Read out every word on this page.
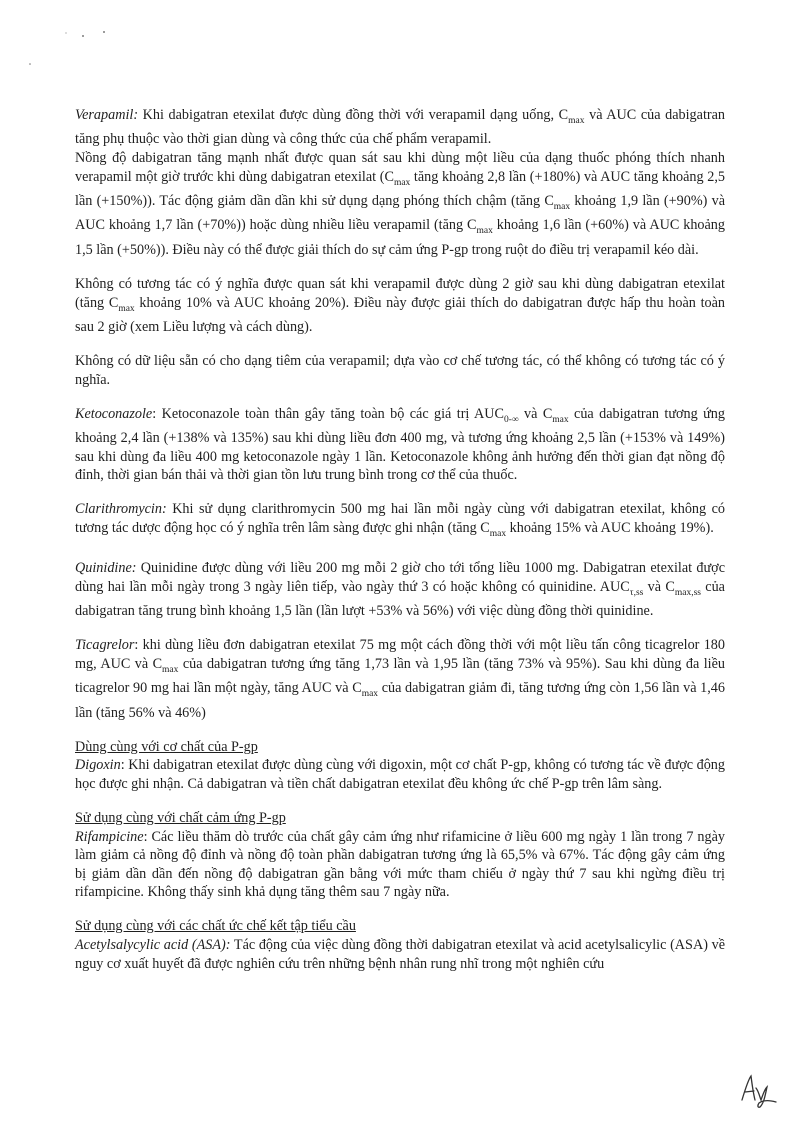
Verapamil: Khi dabigatran etexilat được dùng đồng thời với verapamil dạng uống, $C_{max}$ và AUC của dabigatran tăng phụ thuộc vào thời gian dùng và công thức của chế phẩm verapamil.
Nồng độ dabigatran tăng mạnh nhất được quan sát sau khi dùng một liều của dạng thuốc phóng thích nhanh verapamil một giờ trước khi dùng dabigatran etexilat ($C_{max}$ tăng khoảng 2,8 lần (+180%) và AUC tăng khoảng 2,5 lần (+150%)). Tác động giảm dần dần khi sử dụng dạng phóng thích chậm (tăng $C_{max}$ khoảng 1,9 lần (+90%) và AUC khoảng 1,7 lần (+70%)) hoặc dùng nhiều liều verapamil (tăng $C_{max}$ khoảng 1,6 lần (+60%) và AUC khoảng 1,5 lần (+50%)). Điều này có thể được giải thích do sự cảm ứng P-gp trong ruột do điều trị verapamil kéo dài.

Không có tương tác có ý nghĩa được quan sát khi verapamil được dùng 2 giờ sau khi dùng dabigatran etexilat (tăng $C_{max}$ khoảng 10% và AUC khoảng 20%). Điều này được giải thích do dabigatran được hấp thu hoàn toàn sau 2 giờ (xem Liều lượng và cách dùng).

Không có dữ liệu sẵn có cho dạng tiêm của verapamil; dựa vào cơ chế tương tác, có thể không có tương tác có ý nghĩa.

Ketoconazole: Ketoconazole toàn thân gây tăng toàn bộ các giá trị $AUC_{0-\infty}$ và $C_{max}$ của dabigatran tương ứng khoảng 2,4 lần (+138% và 135%) sau khi dùng liều đơn 400 mg, và tương ứng khoảng 2,5 lần (+153% và 149%) sau khi dùng đa liều 400 mg ketoconazole ngày 1 lần. Ketoconazole không ảnh hưởng đến thời gian đạt nồng độ đỉnh, thời gian bán thải và thời gian tồn lưu trung bình trong cơ thể của thuốc.

Clarithromycin: Khi sử dụng clarithromycin 500 mg hai lần mỗi ngày cùng với dabigatran etexilat, không có tương tác dược động học có ý nghĩa trên lâm sàng được ghi nhận (tăng $C_{max}$ khoảng 15% và AUC khoảng 19%).

Quinidine: Quinidine được dùng với liều 200 mg mỗi 2 giờ cho tới tổng liều 1000 mg. Dabigatran etexilat được dùng hai lần mỗi ngày trong 3 ngày liên tiếp, vào ngày thứ 3 có hoặc không có quinidine. $AUC_{\tau,ss}$ và $C_{max,ss}$ của dabigatran tăng trung bình khoảng 1,5 lần (lần lượt +53% và 56%) với việc dùng đồng thời quinidine.

Ticagrelor: khi dùng liều đơn dabigatran etexilat 75 mg một cách đồng thời với một liều tấn công ticagrelor 180 mg, AUC và $C_{max}$ của dabigatran tương ứng tăng 1,73 lần và 1,95 lần (tăng 73% và 95%). Sau khi dùng đa liều ticagrelor 90 mg hai lần một ngày, tăng AUC và $C_{max}$ của dabigatran giảm đi, tăng tương ứng còn 1,56 lần và 1,46 lần (tăng 56% và 46%)

Dùng cùng với cơ chất của P-gp
Digoxin: Khi dabigatran etexilat được dùng cùng với digoxin, một cơ chất P-gp, không có tương tác về được động học được ghi nhận. Cả dabigatran và tiền chất dabigatran etexilat đều không ức chế P-gp trên lâm sàng.

Sử dụng cùng với chất cảm ứng P-gp
Rifampicine: Các liều thăm dò trước của chất gây cảm ứng như rifamicine ở liều 600 mg ngày 1 lần trong 7 ngày làm giảm cả nồng độ đỉnh và nồng độ toàn phần dabigatran tương ứng là 65,5% và 67%. Tác động gây cảm ứng bị giảm dần dần đến nồng độ dabigatran gần bằng với mức tham chiếu ở ngày thứ 7 sau khi ngừng điều trị rifampicine. Không thấy sinh khả dụng tăng thêm sau 7 ngày nữa.

Sử dụng cùng với các chất ức chế kết tập tiểu cầu
Acetylsalycylic acid (ASA): Tác động của việc dùng đồng thời dabigatran etexilat và acid acetylsalicylic (ASA) về nguy cơ xuất huyết đã được nghiên cứu trên những bệnh nhân rung nhĩ trong một nghiên cứu
